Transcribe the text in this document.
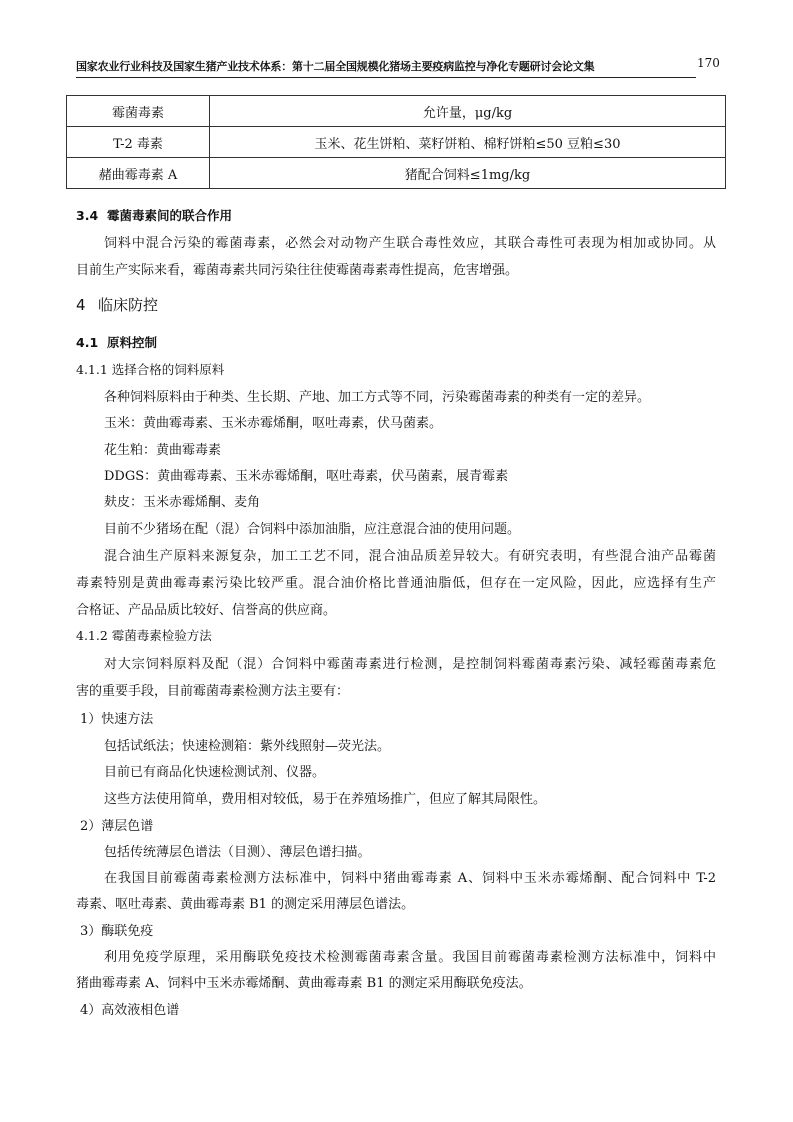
国家农业行业科技及国家生猪产业技术体系：第十二届全国规模化猪场主要疫病监控与净化专题研讨会论文集	170
霉菌毒素	允许量，μg/kg
T-2 毒素	玉米、花生饼粕、菜籽饼粕、棉籽饼粕≤50 豆粕≤30
赭曲霉毒素 A	猪配合饲料≤1mg/kg
3.4 霉菌毒素间的联合作用
饲料中混合污染的霉菌毒素，必然会对动物产生联合毒性效应，其联合毒性可表现为相加或协同。从
目前生产实际来看，霉菌毒素共同污染往往使霉菌毒素毒性提高，危害增强。
4 临床防控
4.1 原料控制
4.1.1 选择合格的饲料原料
各种饲料原料由于种类、生长期、产地、加工方式等不同，污染霉菌毒素的种类有一定的差异。
玉米：黄曲霉毒素、玉米赤霉烯酮，呕吐毒素，伏马菌素。
花生粕：黄曲霉毒素
DDGS：黄曲霉毒素、玉米赤霉烯酮，呕吐毒素，伏马菌素，展青霉素
麸皮：玉米赤霉烯酮、麦角
目前不少猪场在配（混）合饲料中添加油脂，应注意混合油的使用问题。
混合油生产原料来源复杂，加工工艺不同，混合油品质差异较大。有研究表明，有些混合油产品霉菌
毒素特别是黄曲霉毒素污染比较严重。混合油价格比普通油脂低，但存在一定风险，因此，应选择有生产
合格证、产品品质比较好、信誉高的供应商。
4.1.2 霉菌毒素检验方法
对大宗饲料原料及配（混）合饲料中霉菌毒素进行检测，是控制饲料霉菌毒素污染、减轻霉菌毒素危
害的重要手段，目前霉菌毒素检测方法主要有：
1）快速方法
包括试纸法；快速检测箱：紫外线照射—荧光法。
目前已有商品化快速检测试剂、仪器。
这些方法使用简单，费用相对较低，易于在养殖场推广，但应了解其局限性。
2）薄层色谱
包括传统薄层色谱法（目测）、薄层色谱扫描。
在我国目前霉菌毒素检测方法标准中，饲料中猪曲霉毒素 A、饲料中玉米赤霉烯酮、配合饲料中 T-2
毒素、呕吐毒素、黄曲霉毒素 B1 的测定采用薄层色谱法。
3）酶联免疫
利用免疫学原理，采用酶联免疫技术检测霉菌毒素含量。我国目前霉菌毒素检测方法标准中，饲料中
猪曲霉毒素 A、饲料中玉米赤霉烯酮、黄曲霉毒素 B1 的测定采用酶联免疫法。
4）高效液相色谱
